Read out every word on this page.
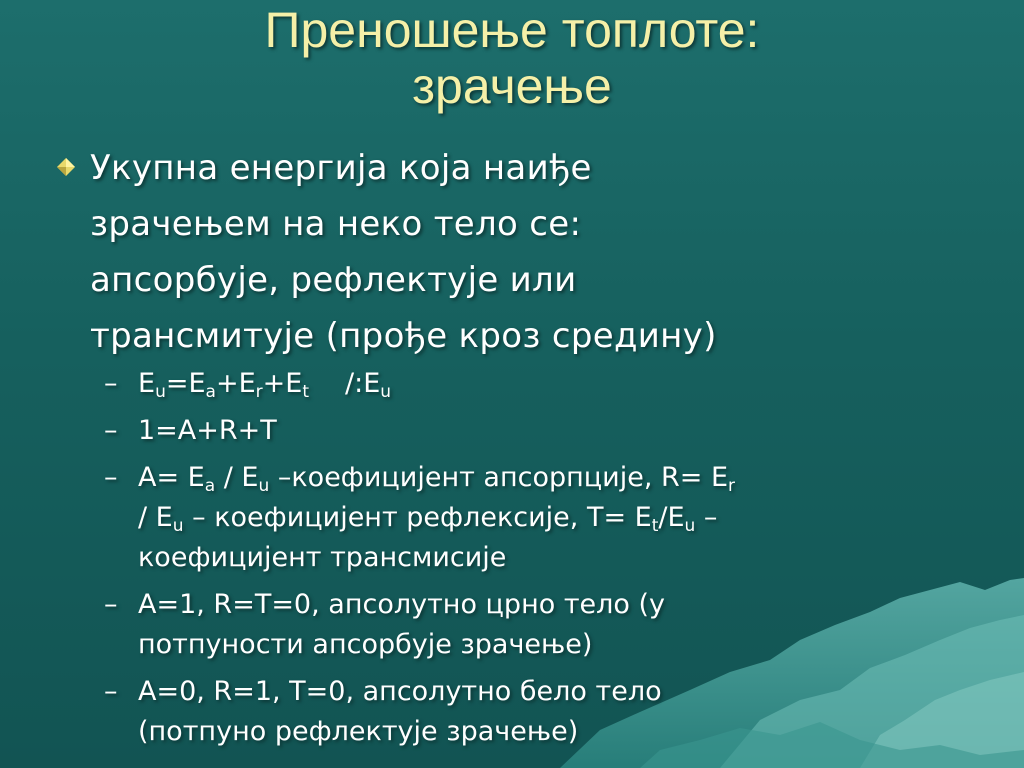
Преношење топлоте:
зрачење
Укупна енергија која наиђе
зрачењем на неко тело се:
апсорбује, рефлектује или
трансмитује (прође кроз средину)
– $E_u=E_a+E_r+E_t$ $/:E_u$
– 1=A+R+T
– $A= E_a / E_u$ –коефицијент апсорпције, $R= E_r$
/ $E_u$ – коефицијент рефлексије, $T= E_t/E_u$ –
коефицијент трансмисије
– A=1, R=T=0, апсолутно црно тело (у
потпуности апсорбује зрачење)
– A=0, R=1, T=0, апсолутно бело тело
(потпуно рефлектује зрачење)
